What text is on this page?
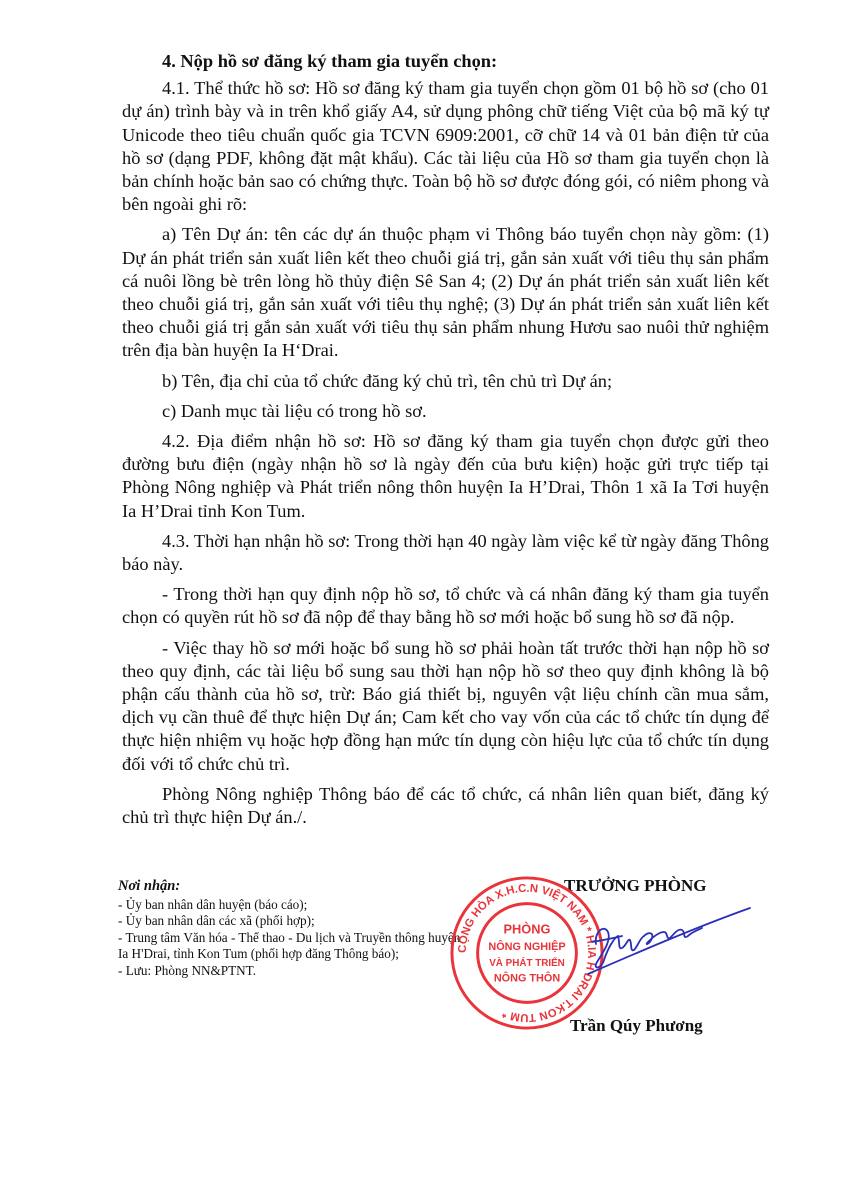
4. Nộp hồ sơ đăng ký tham gia tuyển chọn:

4.1. Thể thức hồ sơ: Hồ sơ đăng ký tham gia tuyển chọn gồm 01 bộ hồ sơ (cho 01 dự án) trình bày và in trên khổ giấy A4, sử dụng phông chữ tiếng Việt của bộ mã ký tự Unicode theo tiêu chuẩn quốc gia TCVN 6909:2001, cỡ chữ 14 và 01 bản điện tử của hồ sơ (dạng PDF, không đặt mật khẩu). Các tài liệu của Hồ sơ tham gia tuyển chọn là bản chính hoặc bản sao có chứng thực. Toàn bộ hồ sơ được đóng gói, có niêm phong và bên ngoài ghi rõ:

a) Tên Dự án: tên các dự án thuộc phạm vi Thông báo tuyển chọn này gồm: (1) Dự án phát triển sản xuất liên kết theo chuỗi giá trị, gắn sản xuất với tiêu thụ sản phẩm cá nuôi lồng bè trên lòng hồ thủy điện Sê San 4; (2) Dự án phát triển sản xuất liên kết theo chuỗi giá trị, gắn sản xuất với tiêu thụ nghệ; (3) Dự án phát triển sản xuất liên kết theo chuỗi giá trị gắn sản xuất với tiêu thụ sản phẩm nhung Hươu sao nuôi thử nghiệm trên địa bàn huyện Ia H‘Drai.

b) Tên, địa chỉ của tổ chức đăng ký chủ trì, tên chủ trì Dự án;

c) Danh mục tài liệu có trong hồ sơ.

4.2. Địa điểm nhận hồ sơ: Hồ sơ đăng ký tham gia tuyển chọn được gửi theo đường bưu điện (ngày nhận hồ sơ là ngày đến của bưu kiện) hoặc gửi trực tiếp tại Phòng Nông nghiệp và Phát triển nông thôn huyện Ia H’Drai, Thôn 1 xã Ia Tơi huyện Ia H’Drai tỉnh Kon Tum.

4.3. Thời hạn nhận hồ sơ: Trong thời hạn 40 ngày làm việc kể từ ngày đăng Thông báo này.

- Trong thời hạn quy định nộp hồ sơ, tổ chức và cá nhân đăng ký tham gia tuyển chọn có quyền rút hồ sơ đã nộp để thay bằng hồ sơ mới hoặc bổ sung hồ sơ đã nộp.

- Việc thay hồ sơ mới hoặc bổ sung hồ sơ phải hoàn tất trước thời hạn nộp hồ sơ theo quy định, các tài liệu bổ sung sau thời hạn nộp hồ sơ theo quy định không là bộ phận cấu thành của hồ sơ, trừ: Báo giá thiết bị, nguyên vật liệu chính cần mua sắm, dịch vụ cần thuê để thực hiện Dự án; Cam kết cho vay vốn của các tổ chức tín dụng để thực hiện nhiệm vụ hoặc hợp đồng hạn mức tín dụng còn hiệu lực của tổ chức tín dụng đối với tổ chức chủ trì.

Phòng Nông nghiệp Thông báo để các tổ chức, cá nhân liên quan biết, đăng ký chủ trì thực hiện Dự án./.

Nơi nhận:
- Ủy ban nhân dân huyện (báo cáo);
- Ủy ban nhân dân các xã (phối hợp);
- Trung tâm Văn hóa - Thể thao - Du lịch và Truyền thông huyện Ia H'Drai, tỉnh Kon Tum (phối hợp đăng Thông báo);
- Lưu: Phòng NN&PTNT.
TRƯỞNG PHÒNG
CỘNG HÒA X.H.C.N VIỆT NAM * H.IA H'DRAI T.KON TUM *
PHÒNG
NÔNG NGHIỆP
VÀ PHÁT TRIỂN
NÔNG THÔN
Trần Qúy Phương
